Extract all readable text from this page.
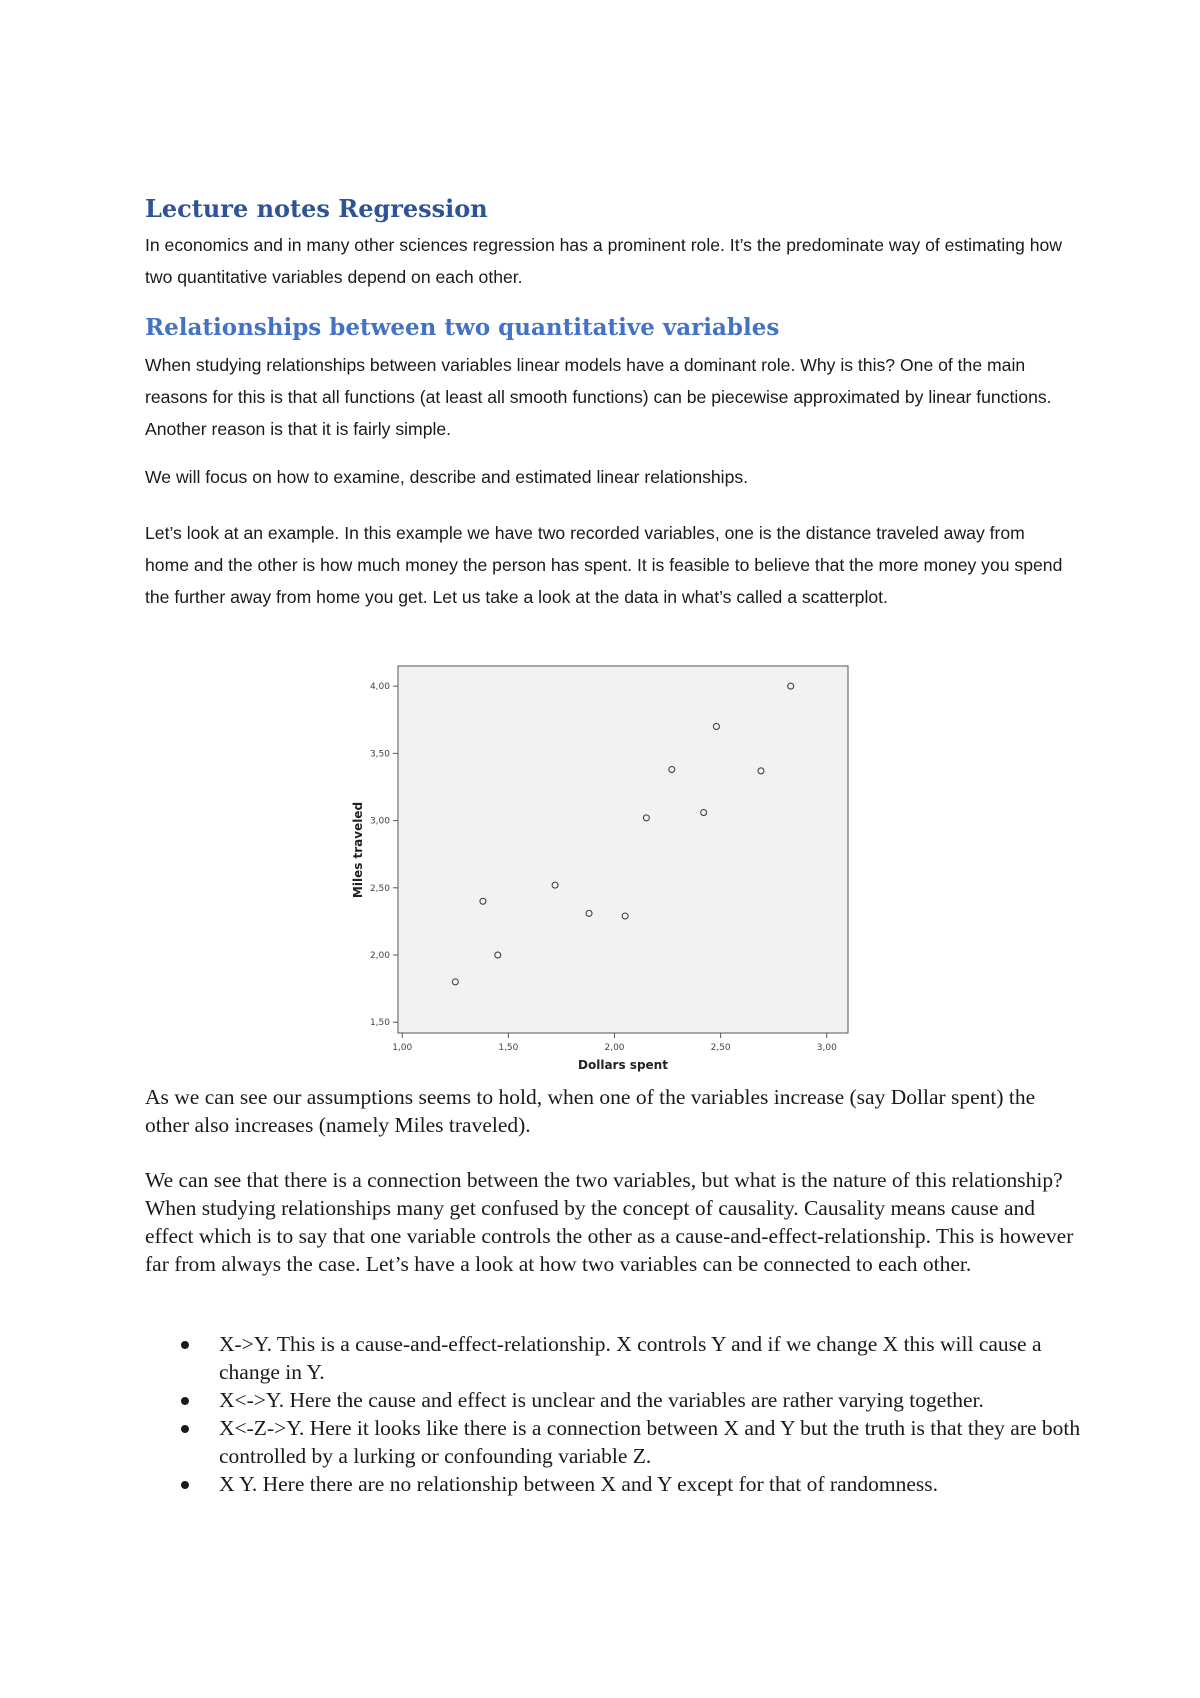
Lecture notes Regression

In economics and in many other sciences regression has a prominent role. It’s the predominate way of estimating how two quantitative variables depend on each other.

Relationships between two quantitative variables

When studying relationships between variables linear models have a dominant role. Why is this? One of the main reasons for this is that all functions (at least all smooth functions) can be piecewise approximated by linear functions. Another reason is that it is fairly simple.

We will focus on how to examine, describe and estimated linear relationships.

Let’s look at an example. In this example we have two recorded variables, one is the distance traveled away from home and the other is how much money the person has spent. It is feasible to believe that the more money you spend the further away from home you get. Let us take a look at the data in what’s called a scatterplot.

1,50
2,00
2,50
3,00
3,50
4,00
1,00	1,50	2,00	2,50	3,00
Dollars spent
Miles traveled

As we can see our assumptions seems to hold, when one of the variables increase (say Dollar spent) the other also increases (namely Miles traveled).

We can see that there is a connection between the two variables, but what is the nature of this relationship? When studying relationships many get confused by the concept of causality. Causality means cause and effect which is to say that one variable controls the other as a cause-and-effect-relationship. This is however far from always the case. Let’s have a look at how two variables can be connected to each other.

X->Y. This is a cause-and-effect-relationship. X controls Y and if we change X this will cause a change in Y.
X<->Y. Here the cause and effect is unclear and the variables are rather varying together.
X<-Z->Y. Here it looks like there is a connection between X and Y but the truth is that they are both controlled by a lurking or confounding variable Z.
X Y. Here there are no relationship between X and Y except for that of randomness.
